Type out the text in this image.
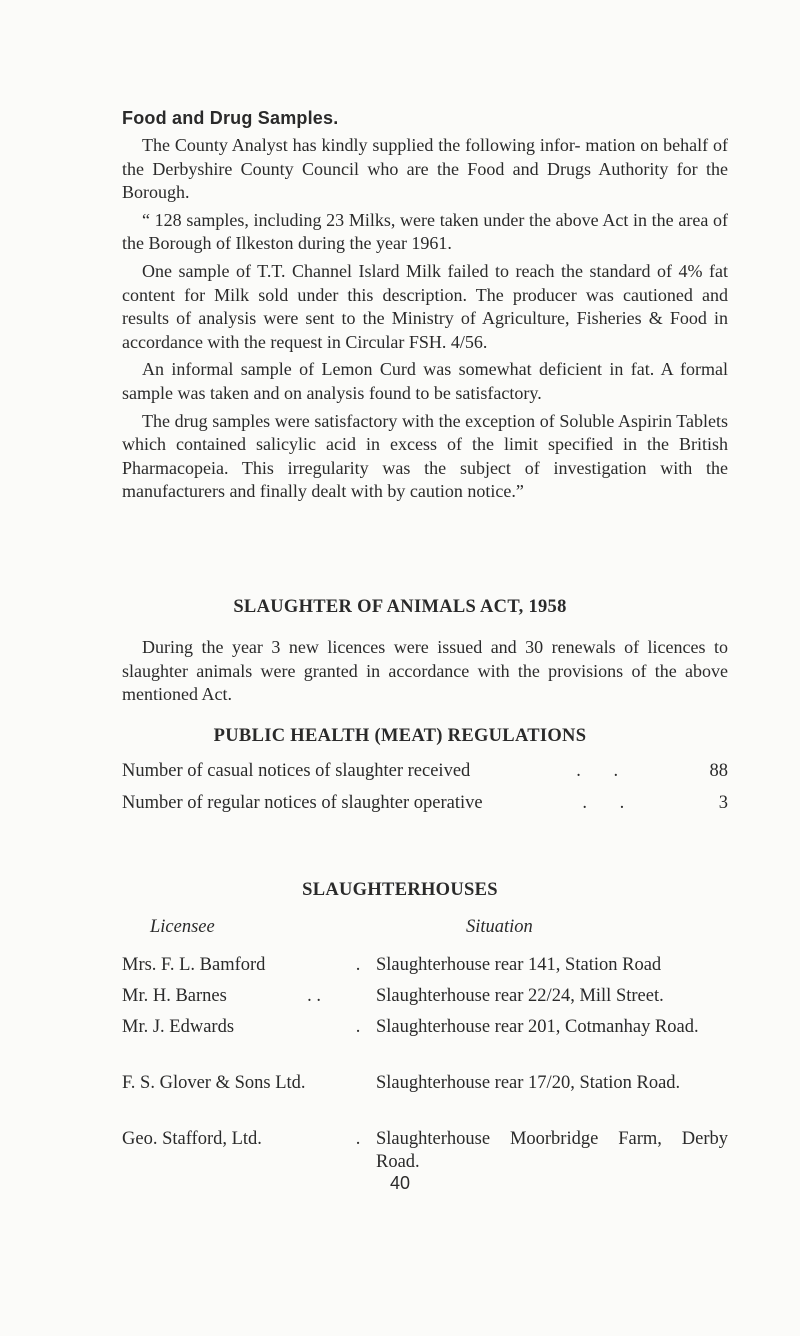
Food and Drug Samples.

The County Analyst has kindly supplied the following infor- mation on behalf of the Derbyshire County Council who are the Food and Drugs Authority for the Borough.

“ 128 samples, including 23 Milks, were taken under the above Act in the area of the Borough of Ilkeston during the year 1961.

One sample of T.T. Channel Islard Milk failed to reach the standard of 4% fat content for Milk sold under this description. The producer was cautioned and results of analysis were sent to the Ministry of Agriculture, Fisheries & Food in accordance with the request in Circular FSH. 4/56.

An informal sample of Lemon Curd was somewhat deficient in fat. A formal sample was taken and on analysis found to be satisfactory.

The drug samples were satisfactory with the exception of Soluble Aspirin Tablets which contained salicylic acid in excess of the limit specified in the British Pharmacopeia. This irregularity was the subject of investigation with the manufacturers and finally dealt with by caution notice.”

SLAUGHTER OF ANIMALS ACT, 1958

During the year 3 new licences were issued and 30 renewals of licences to slaughter animals were granted in accordance with the provisions of the above mentioned Act.

PUBLIC HEALTH (MEAT) REGULATIONS
Number of casual notices of slaughter received	. .	88
Number of regular notices of slaughter operative	. .	3
SLAUGHTERHOUSES
Licensee	Situation
Mrs. F. L. Bamford	. Slaughterhouse rear 141, Station Road
Mr. H. Barnes	. .	Slaughterhouse rear 22/24, Mill Street.
Mr. J. Edwards	. Slaughterhouse rear 201, Cotmanhay Road.
F. S. Glover & Sons Ltd.	Slaughterhouse rear 17/20, Station Road.
Geo. Stafford, Ltd.	. Slaughterhouse Moorbridge Farm, Derby Road.
40
